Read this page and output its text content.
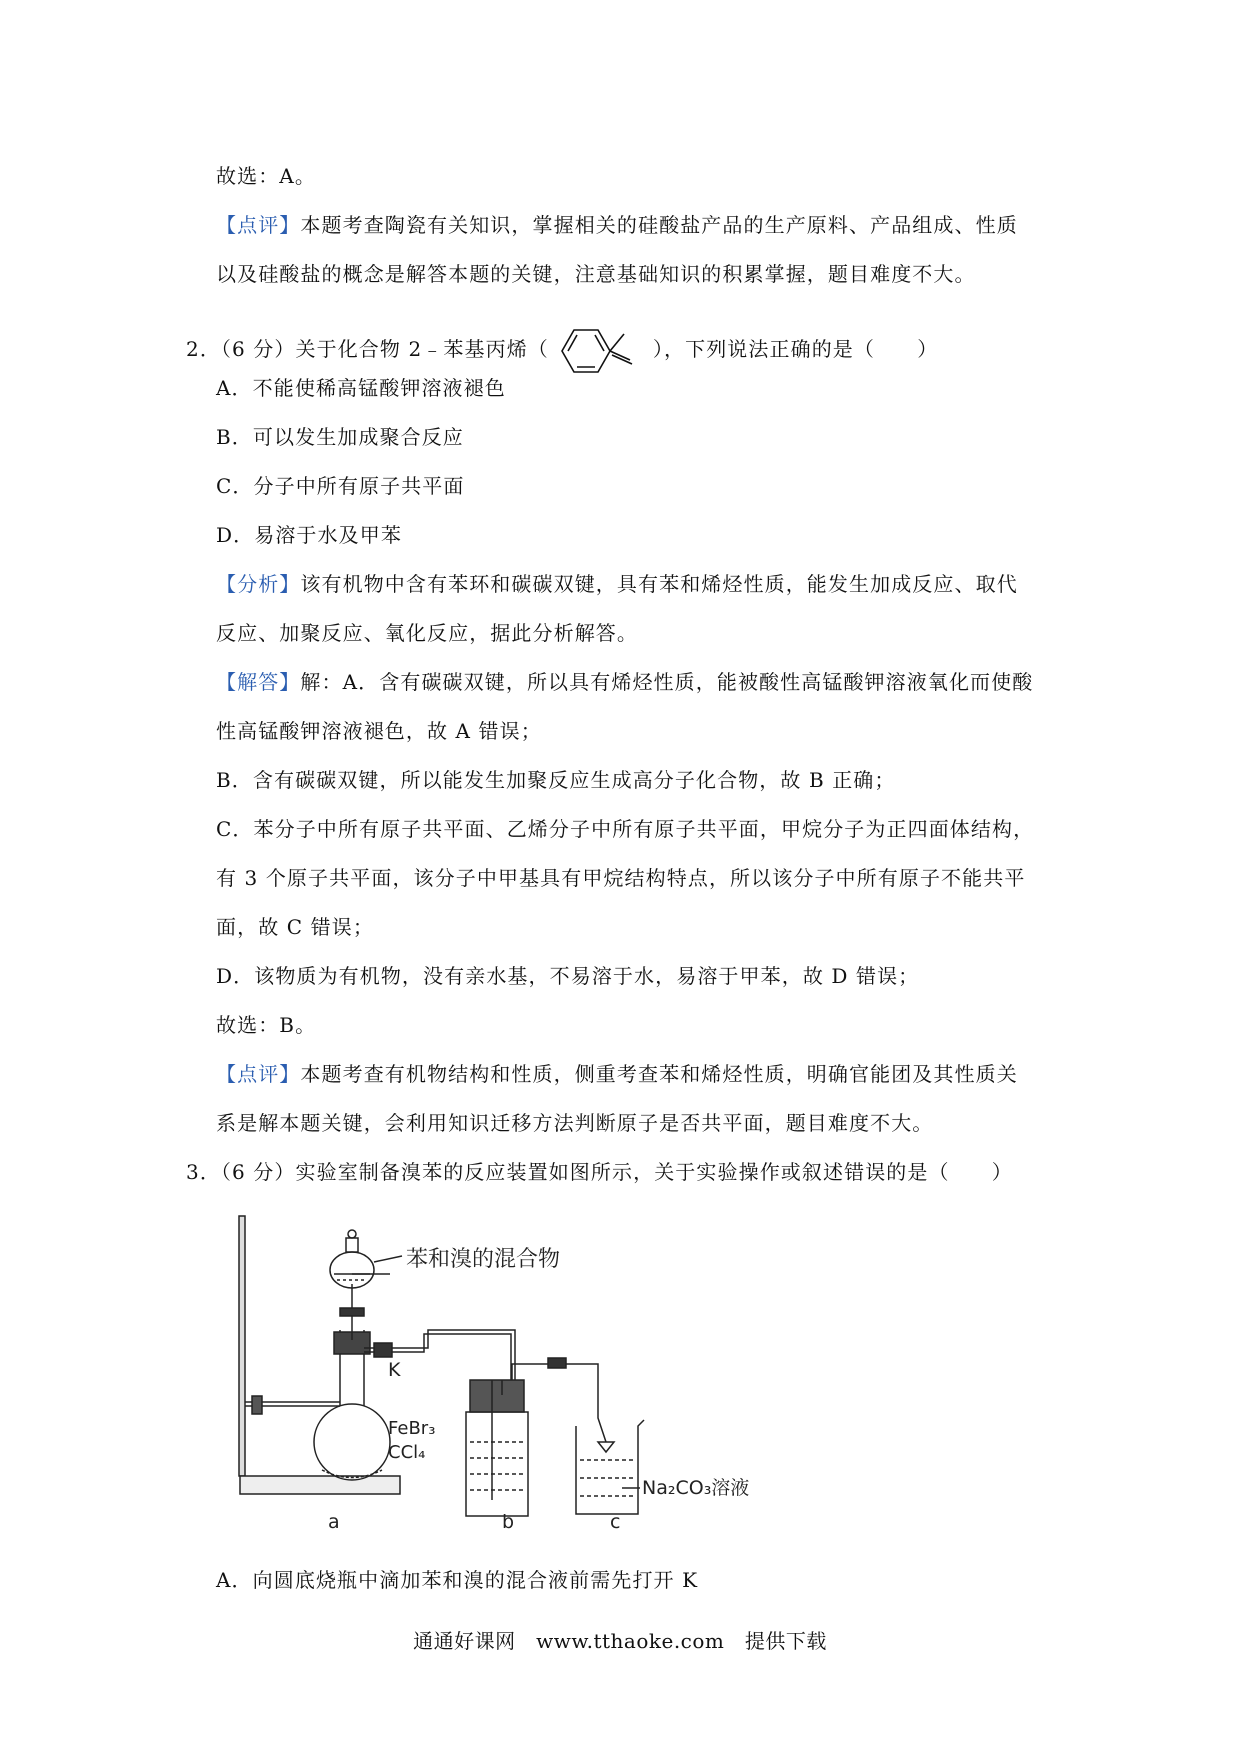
故选：A。
【点评】本题考查陶瓷有关知识，掌握相关的硅酸盐产品的生产原料、产品组成、性质
以及硅酸盐的概念是解答本题的关键，注意基础知识的积累掌握，题目难度不大。
2．（6 分）关于化合物 2﹣苯基丙烯（	），下列说法正确的是（　　）
A．不能使稀高锰酸钾溶液褪色
B．可以发生加成聚合反应
C．分子中所有原子共平面
D．易溶于水及甲苯
【分析】该有机物中含有苯环和碳碳双键，具有苯和烯烃性质，能发生加成反应、取代
反应、加聚反应、氧化反应，据此分析解答。
【解答】解：A．含有碳碳双键，所以具有烯烃性质，能被酸性高锰酸钾溶液氧化而使酸
性高锰酸钾溶液褪色，故 A 错误；
B．含有碳碳双键，所以能发生加聚反应生成高分子化合物，故 B 正确；
C．苯分子中所有原子共平面、乙烯分子中所有原子共平面，甲烷分子为正四面体结构，
有 3 个原子共平面，该分子中甲基具有甲烷结构特点，所以该分子中所有原子不能共平
面，故 C 错误；
D．该物质为有机物，没有亲水基，不易溶于水，易溶于甲苯，故 D 错误；
故选：B。
【点评】本题考查有机物结构和性质，侧重考查苯和烯烃性质，明确官能团及其性质关
系是解本题关键，会利用知识迁移方法判断原子是否共平面，题目难度不大。
3．（6 分）实验室制备溴苯的反应装置如图所示，关于实验操作或叙述错误的是（　　）
苯和溴的混合物
K
FeBr₃
CCl₄
Na₂CO₃溶液
a	b	c
A．向圆底烧瓶中滴加苯和溴的混合液前需先打开 K
通通好课网　www.tthaoke.com　提供下载
